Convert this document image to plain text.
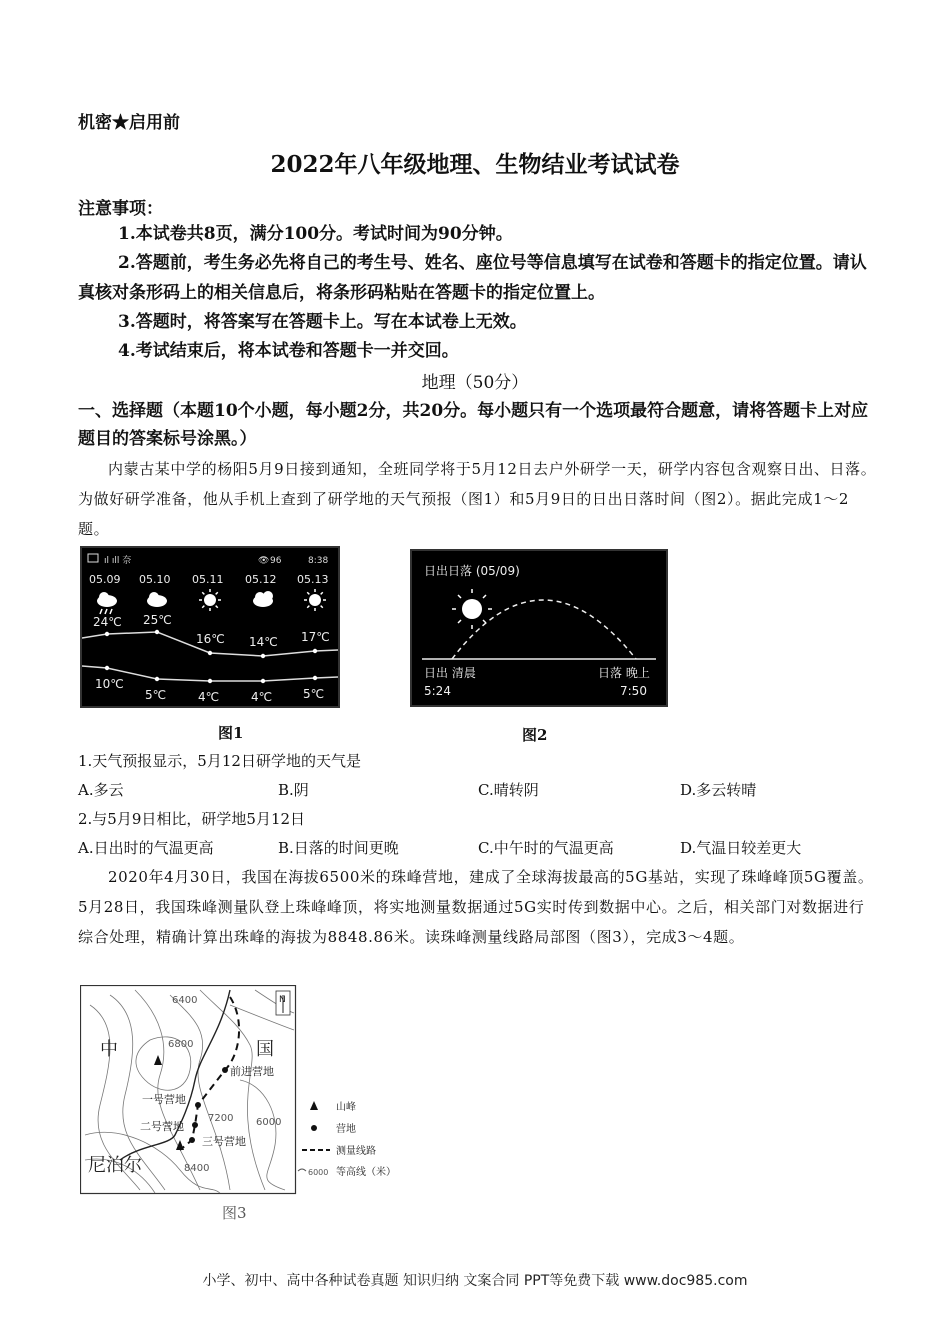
机密★启用前
2022年八年级地理、生物结业考试试卷
注意事项：
1.本试卷共8页，满分100分。考试时间为90分钟。
2.答题前，考生务必先将自己的考生号、姓名、座位号等信息填写在试卷和答题卡的指定位置。请认真核对条形码上的相关信息后，将条形码粘贴在答题卡的指定位置上。
3.答题时，将答案写在答题卡上。写在本试卷上无效。
4.考试结束后，将本试卷和答题卡一并交回。
地理（50分）
一、选择题（本题10个小题，每小题2分，共20分。每小题只有一个选项最符合题意，请将答题卡上对应题目的答案标号涂黑。）
内蒙古某中学的杨阳5月9日接到通知，全班同学将于5月12日去户外研学一天，研学内容包含观察日出、日落。为做好研学准备，他从手机上查到了研学地的天气预报（图1）和5月9日的日出日落时间（图2）。据此完成1～2题。
ıl ıll 奈	👁 96	8:38
05.09
24℃
10℃
05.10
25℃
5℃
05.11
16℃
4℃
05.12
14℃
4℃
05.13
17℃
5℃
图1
日出日落 (05/09)
日出 清晨
5:24
日落 晚上
7:50
图2
1.天气预报显示，5月12日研学地的天气是
A.多云	B.阴	C.晴转阴	D.多云转晴
2.与5月9日相比，研学地5月12日
A.日出时的气温更高	B.日落的时间更晚	C.中午时的气温更高	D.气温日较差更大
2020年4月30日，我国在海拔6500米的珠峰营地，建成了全球海拔最高的5G基站，实现了珠峰峰顶5G覆盖。5月28日，我国珠峰测量队登上珠峰峰顶，将实地测量数据通过5G实时传到数据中心。之后，相关部门对数据进行综合处理，精确计算出珠峰的海拔为8848.86米。读珠峰测量线路局部图（图3），完成3～4题。
6400
6800
7200 6000
8400
中	国
尼泊尔
前进营地
一号营地
二号营地
三号营地
N
山峰
营地
测量线路
6000 等高线（米）
图3
小学、初中、高中各种试卷真题 知识归纳 文案合同 PPT等免费下载 www.doc985.com
